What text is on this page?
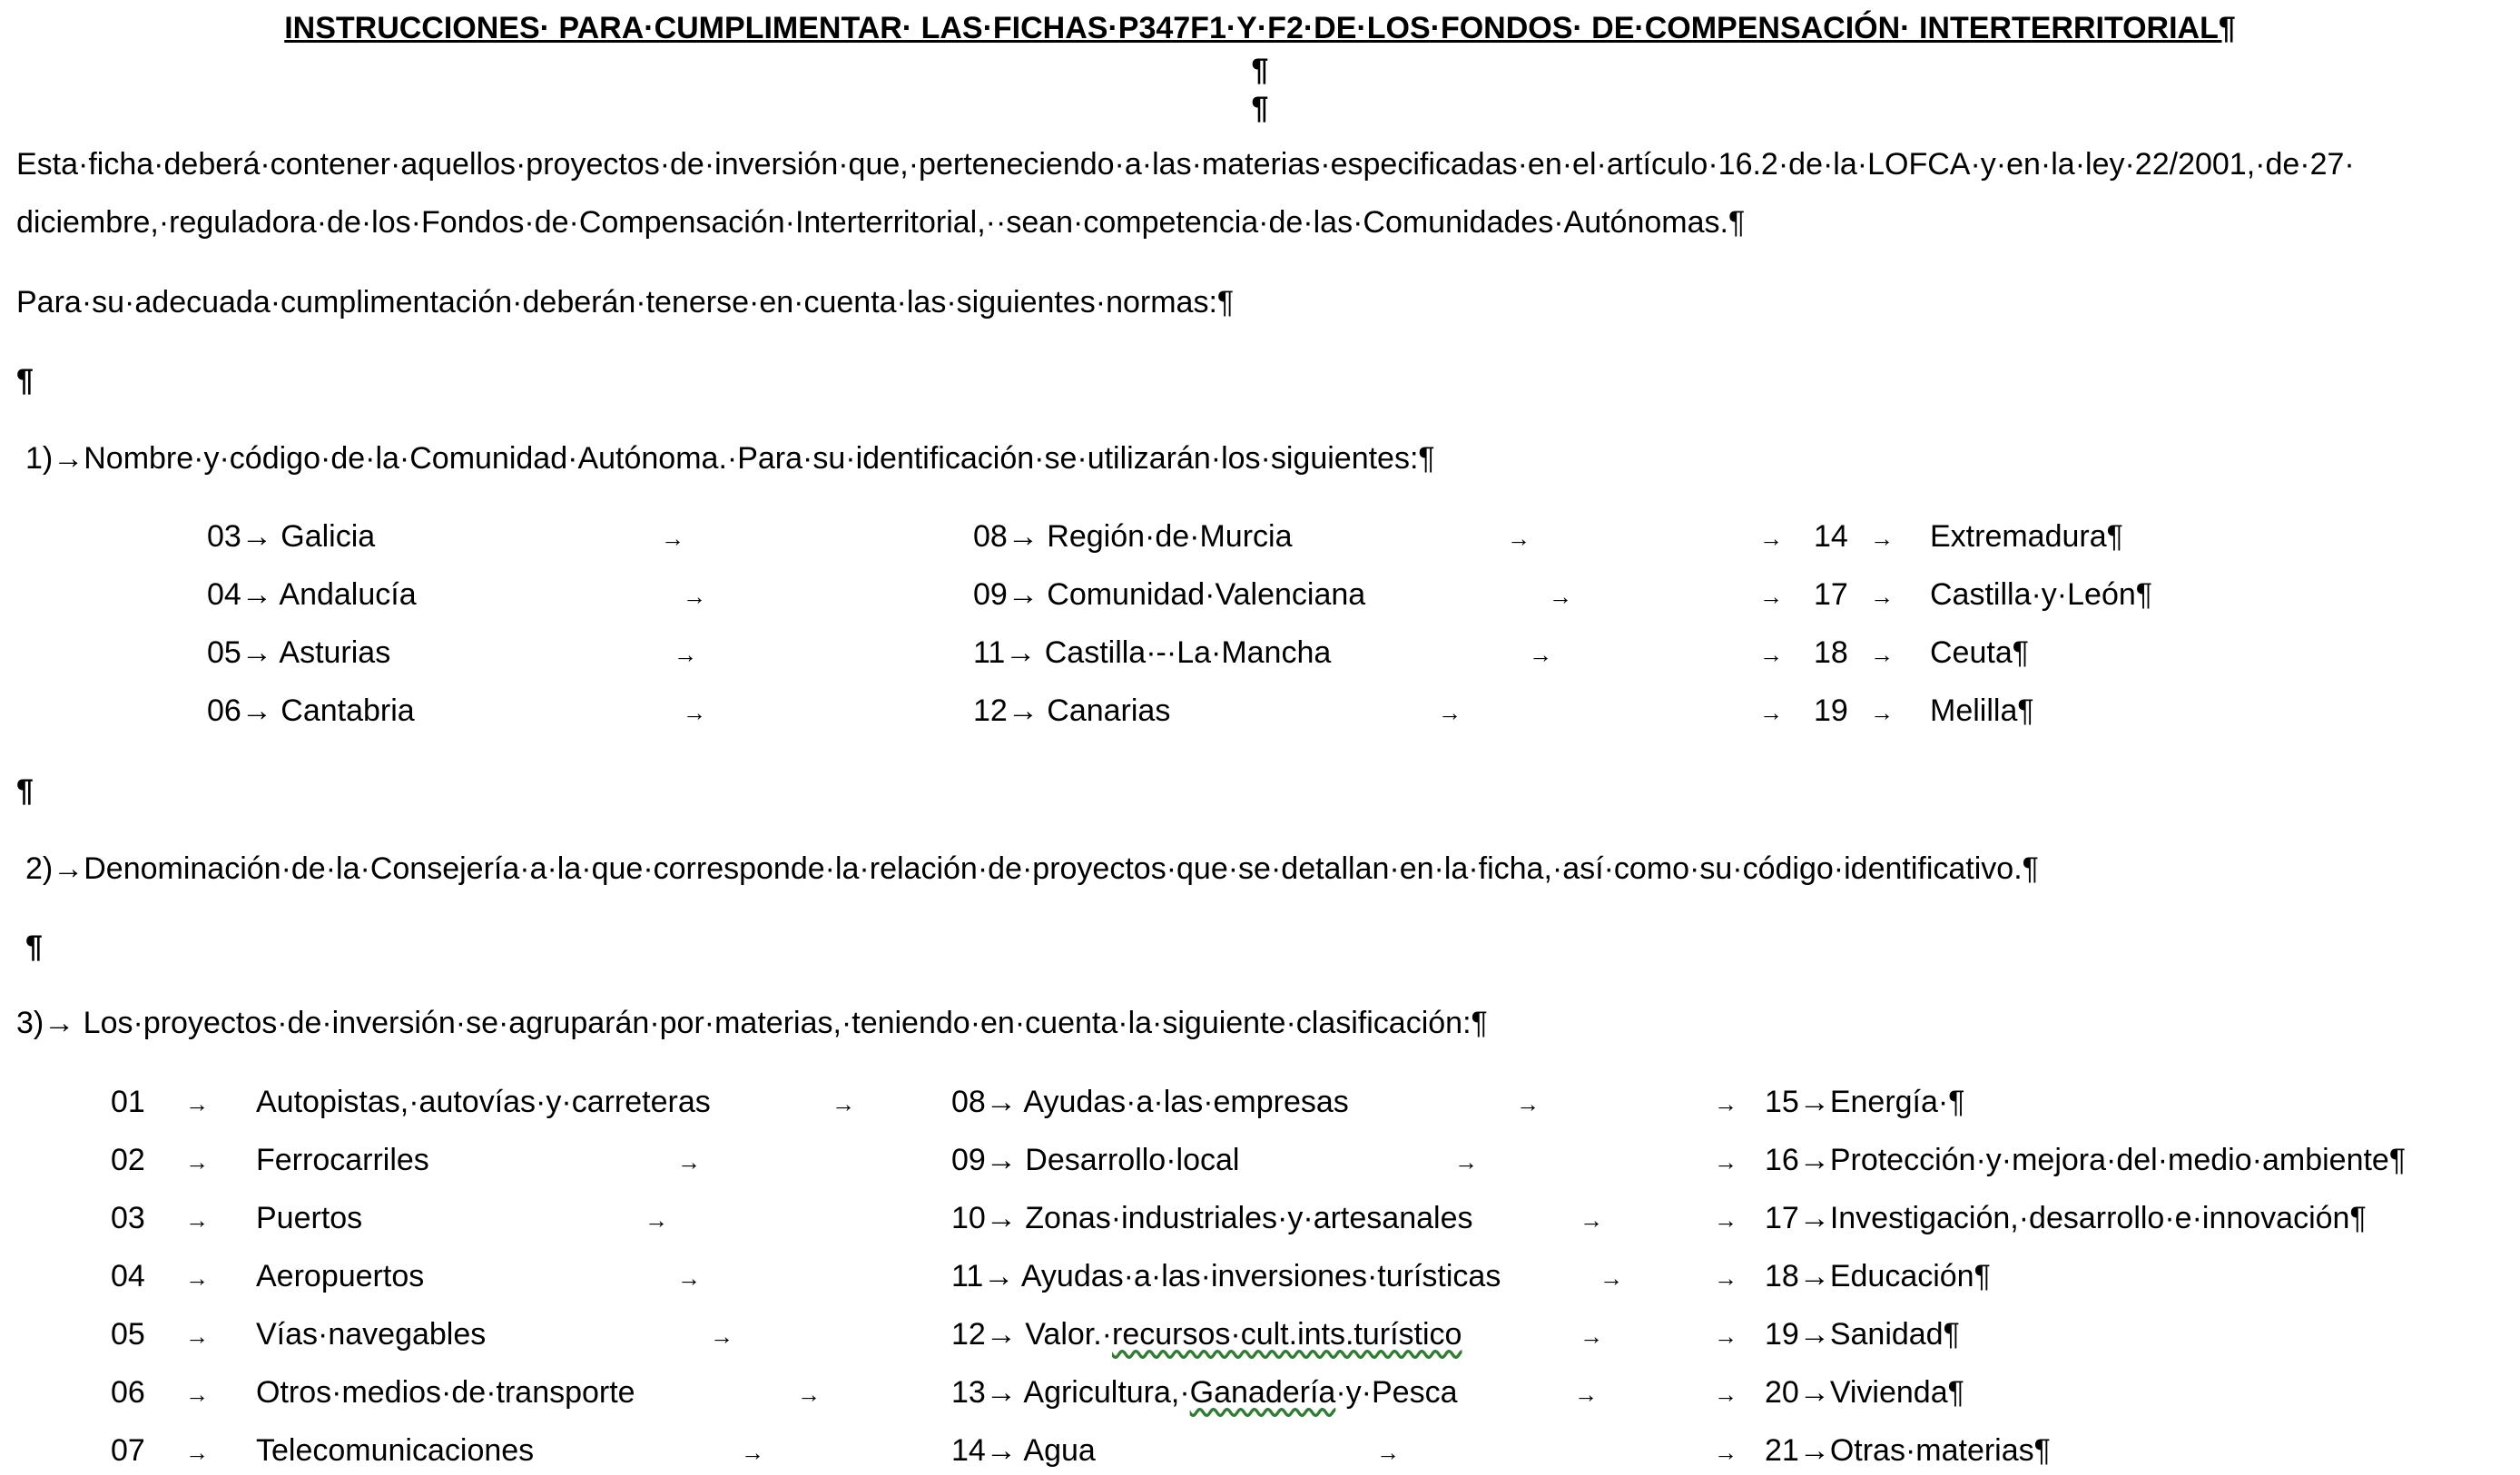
INSTRUCCIONES· PARA·CUMPLIMENTAR· LAS·FICHAS·P347F1·Y·F2·DE·LOS·FONDOS· DE·COMPENSACIÓN· INTERTERRITORIAL¶
¶
¶
Esta·ficha·deberá·contener·aquellos·proyectos·de·inversión·que,·perteneciendo·a·las·materias·especificadas·en·el·artículo·16.2·de·la·LOFCA·y·en·la·ley·22/2001,·de·27·
diciembre,·reguladora·de·los·Fondos·de·Compensación·Interterritorial,··sean·competencia·de·las·Comunidades·Autónomas.¶
Para·su·adecuada·cumplimentación·deberán·tenerse·en·cuenta·las·siguientes·normas:¶
¶
1)→Nombre·y·código·de·la·Comunidad·Autónoma.·Para·su·identificación·se·utilizarán·los·siguientes:¶
03→ Galicia
04→ Andalucía
05→ Asturias
06→ Cantabria
→
→
→
→
08→ Región·de·Murcia
09→ Comunidad·Valenciana
11→ Castilla·-·La·Mancha
12→ Canarias
→
→
→
→
→
→
→
→
14
17
18
19
→
→
→
→
Extremadura¶
Castilla·y·León¶
Ceuta¶
Melilla¶
¶
2)→Denominación·de·la·Consejería·a·la·que·corresponde·la·relación·de·proyectos·que·se·detallan·en·la·ficha,·así·como·su·código·identificativo.¶
¶
3)→ Los·proyectos·de·inversión·se·agruparán·por·materias,·teniendo·en·cuenta·la·siguiente·clasificación:¶
01
02
03
04
05
06
07
→
→
→
→
→
→
→
Autopistas,·autovías·y·carreteras
Ferrocarriles
Puertos
Aeropuertos
Vías·navegables
Otros·medios·de·transporte
Telecomunicaciones
→
→
→
→
→
→
→
08→ Ayudas·a·las·empresas
09→ Desarrollo·local
10→ Zonas·industriales·y·artesanales
11→ Ayudas·a·las·inversiones·turísticas
12→ Valor.·recursos·cult.ints.turístico
13→ Agricultura,·Ganadería·y·Pesca
14→ Agua
→
→
→
→
→
→
→
→
→
→
→
→
→
→
15→Energía·¶
16→Protección·y·mejora·del·medio·ambiente¶
17→Investigación,·desarrollo·e·innovación¶
18→Educación¶
19→Sanidad¶
20→Vivienda¶
21→Otras·materias¶
